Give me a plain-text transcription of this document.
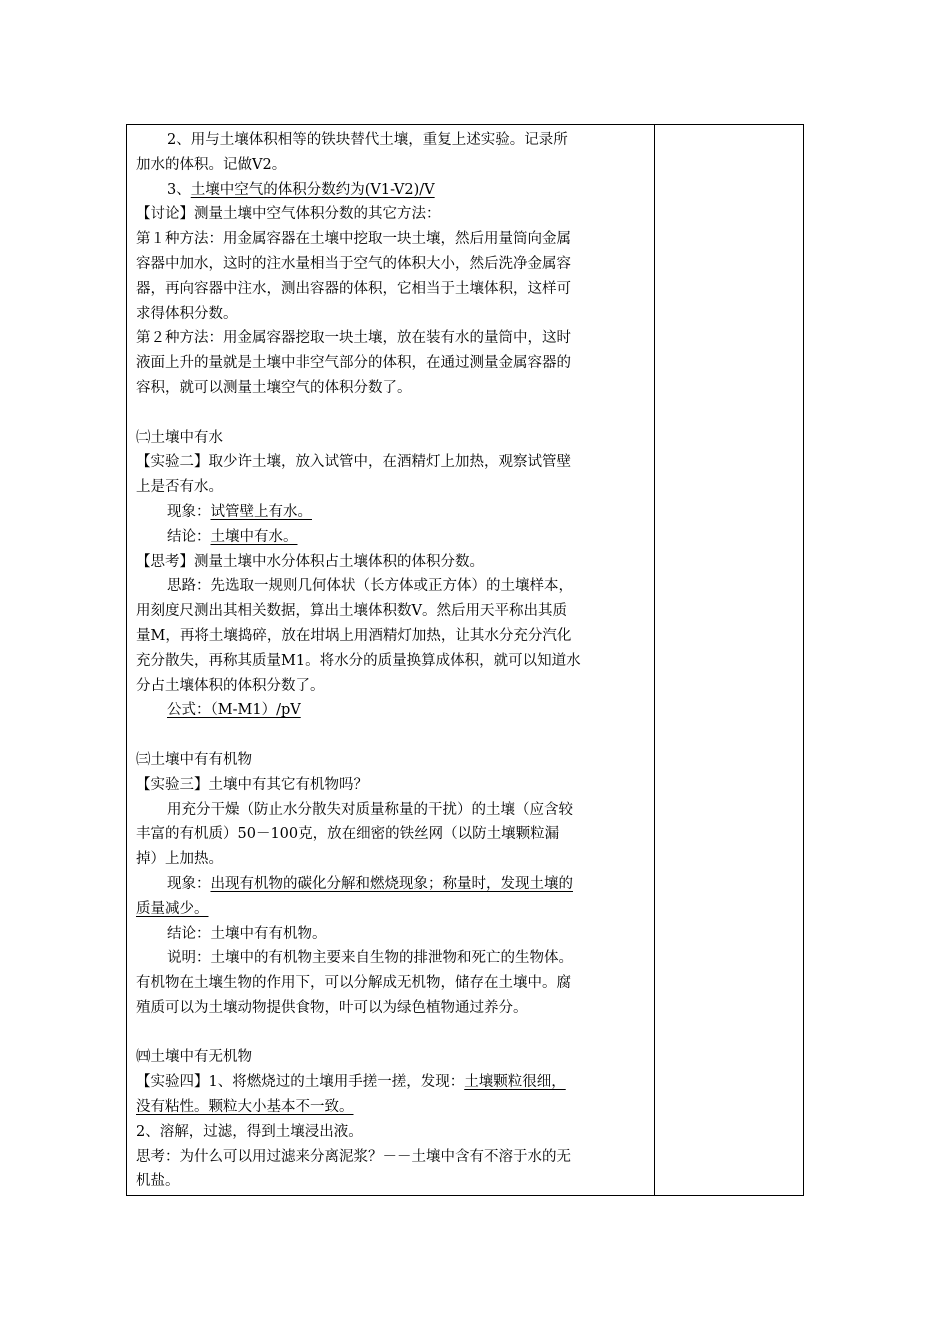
2、用与土壤体积相等的铁块替代土壤，重复上述实验。记录所
加水的体积。记做V2。
3、土壤中空气的体积分数约为(V1-V2)/V
【讨论】测量土壤中空气体积分数的其它方法：
第１种方法：用金属容器在土壤中挖取一块土壤，然后用量筒向金属
容器中加水，这时的注水量相当于空气的体积大小，然后洗净金属容
器，再向容器中注水，测出容器的体积，它相当于土壤体积，这样可
求得体积分数。
第２种方法：用金属容器挖取一块土壤，放在装有水的量筒中，这时
液面上升的量就是土壤中非空气部分的体积，在通过测量金属容器的
容积，就可以测量土壤空气的体积分数了。
㈡土壤中有水
【实验二】取少许土壤，放入试管中，在酒精灯上加热，观察试管壁
上是否有水。
现象：试管壁上有水。
结论：土壤中有水。
【思考】测量土壤中水分体积占土壤体积的体积分数。
思路：先选取一规则几何体状（长方体或正方体）的土壤样本，
用刻度尺测出其相关数据，算出土壤体积数V。然后用天平称出其质
量M，再将土壤捣碎，放在坩埚上用酒精灯加热，让其水分充分汽化
充分散失，再称其质量M1。将水分的质量换算成体积，就可以知道水
分占土壤体积的体积分数了。
公式：（M-M1）/pV
㈢土壤中有有机物
【实验三】土壤中有其它有机物吗？
用充分干燥（防止水分散失对质量称量的干扰）的土壤（应含较
丰富的有机质）50－100克，放在细密的铁丝网（以防土壤颗粒漏
掉）上加热。
现象：出现有机物的碳化分解和燃烧现象；称量时，发现土壤的
质量减少。
结论：土壤中有有机物。
说明：土壤中的有机物主要来自生物的排泄物和死亡的生物体。
有机物在土壤生物的作用下，可以分解成无机物，储存在土壤中。腐
殖质可以为土壤动物提供食物，叶可以为绿色植物通过养分。
㈣土壤中有无机物
【实验四】1、将燃烧过的土壤用手搓一搓，发现：土壤颗粒很细，
没有粘性。颗粒大小基本不一致。
2、溶解，过滤，得到土壤浸出液。
思考：为什么可以用过滤来分离泥浆？－－土壤中含有不溶于水的无
机盐。
